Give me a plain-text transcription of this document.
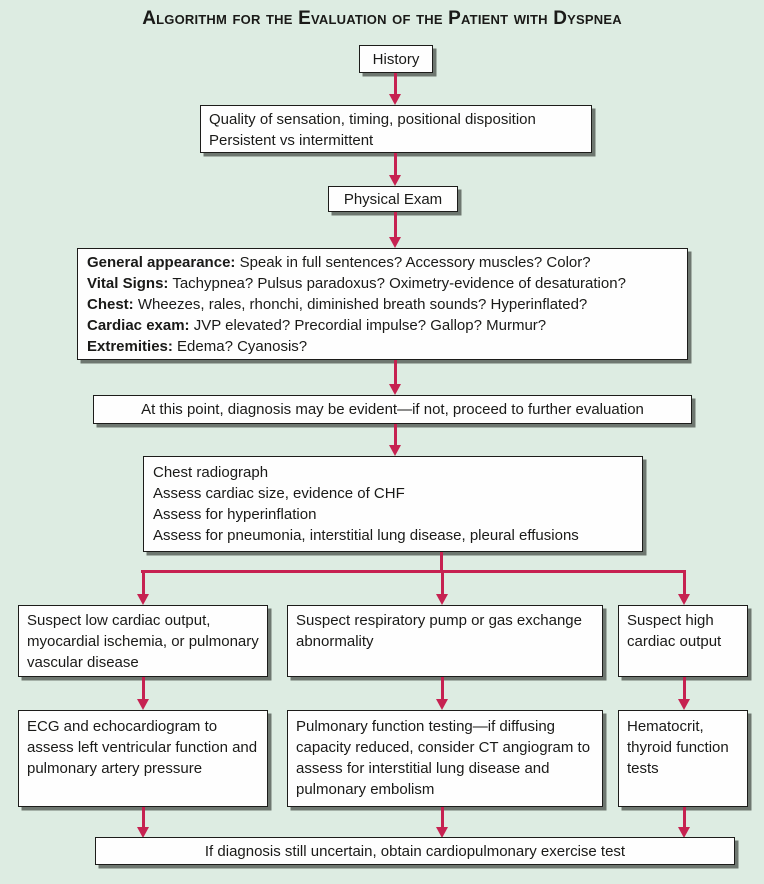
Algorithm for the Evaluation of the Patient with Dyspnea
History
Quality of sensation, timing, positional disposition
Persistent vs intermittent
Physical Exam
General appearance: Speak in full sentences? Accessory muscles? Color?
Vital Signs: Tachypnea? Pulsus paradoxus? Oximetry-evidence of desaturation?
Chest: Wheezes, rales, rhonchi, diminished breath sounds? Hyperinflated?
Cardiac exam: JVP elevated? Precordial impulse? Gallop? Murmur?
Extremities: Edema? Cyanosis?
At this point, diagnosis may be evident—if not, proceed to further evaluation
Chest radiograph
Assess cardiac size, evidence of CHF
Assess for hyperinflation
Assess for pneumonia, interstitial lung disease, pleural effusions
Suspect low cardiac output, myocardial ischemia, or pulmonary vascular disease
Suspect respiratory pump or gas exchange abnormality
Suspect high cardiac output
ECG and echocardiogram to assess left ventricular function and pulmonary artery pressure
Pulmonary function testing—if diffusing capacity reduced, consider CT angiogram to assess for interstitial lung disease and pulmonary embolism
Hematocrit, thyroid function tests
If diagnosis still uncertain, obtain cardiopulmonary exercise test
